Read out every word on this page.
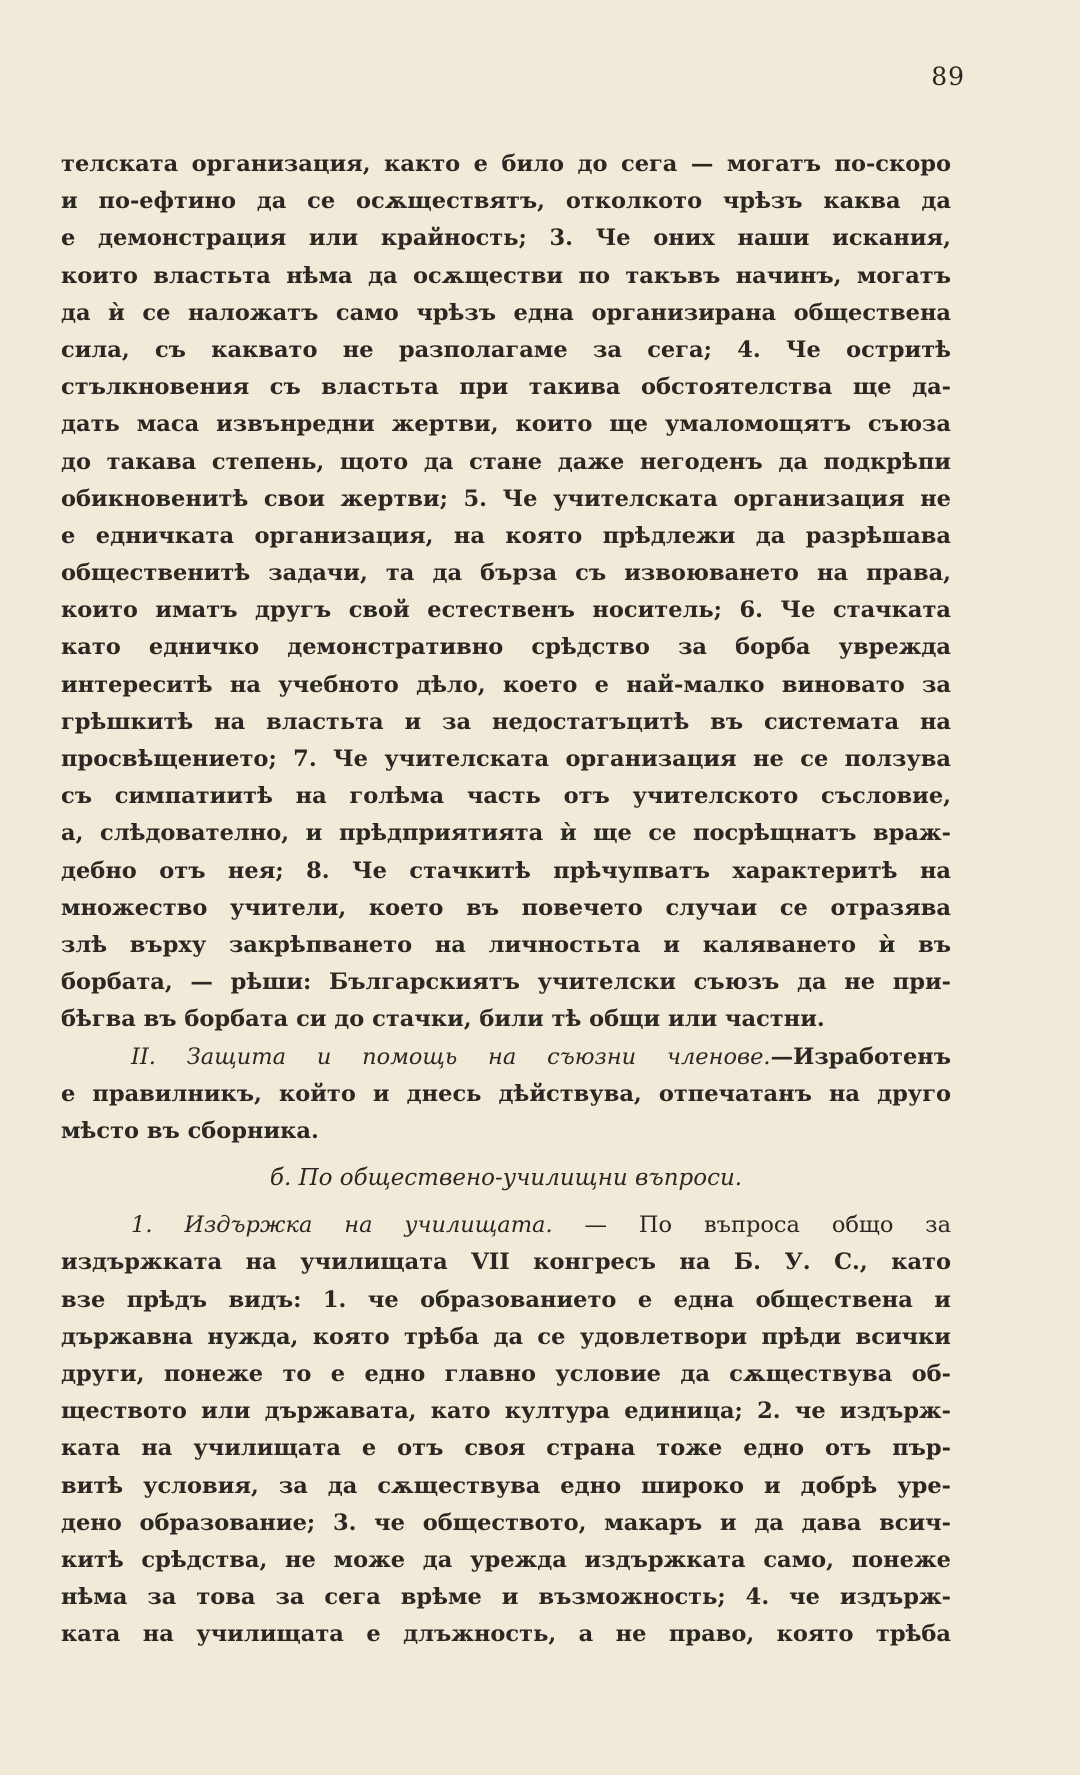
89
телската организация, както е било до сега — могатъ по-скоро
и по-ефтино да се осѫществятъ, отколкото чрѣзъ каква да
е демонстрация или крайность; 3. Че оних наши искания,
които властьта нѣма да осѫществи по такъвъ начинъ, могатъ
да ѝ се наложатъ само чрѣзъ една организирана обществена
сила, съ каквато не разполагаме за сега; 4. Че остритѣ
стълкновения съ властьта при такива обстоятелства ще да-
дать маса извънредни жертви, които ще умаломощятъ съюза
до такава степень, щото да стане даже негоденъ да подкрѣпи
обикновенитѣ свои жертви; 5. Че учителската организация не
е едничката организация, на която прѣдлежи да разрѣшава
общественитѣ задачи, та да бърза съ извоюването на права,
които иматъ другъ свой естественъ носитель; 6. Че стачката
като едничко демонстративно срѣдство за борба уврежда
интереситѣ на учебното дѣло, което е най-малко виновато за
грѣшкитѣ на властьта и за недостатъцитѣ въ системата на
просвѣщението; 7. Че учителската организация не се ползува
съ симпатиитѣ на голѣма часть отъ учителското съсловие,
а, слѣдователно, и прѣдприятията ѝ ще се посрѣщнатъ враж-
дебно отъ нея; 8. Че стачкитѣ прѣчупватъ характеритѣ на
множество учители, което въ повечето случаи се отразява
злѣ върху закрѣпването на личностьта и каляването ѝ въ
борбата, — рѣши: Българскиятъ учителски съюзъ да не при-
бѣгва въ борбата си до стачки, били тѣ общи или частни.
II. Защита и помощь на съюзни членове.—Изработенъ
е правилникъ, който и днесь дѣйствува, отпечатанъ на друго
мѣсто въ сборника.
б. По обществено-училищни въпроси.
1. Издържка на училищата. — По въпроса общо за
издържката на училищата VII конгресъ на Б. У. С., като
взе прѣдъ видъ: 1. че образованието е една обществена и
държавна нужда, която трѣба да се удовлетвори прѣди всички
други, понеже то е едно главно условие да сѫществува об-
ществото или държавата, като култура единица; 2. че издърж-
ката на училищата е отъ своя страна тоже едно отъ пър-
витѣ условия, за да сѫществува едно широко и добрѣ уре-
дено образование; 3. че обществото, макаръ и да дава всич-
китѣ срѣдства, не може да урежда издържката само, понеже
нѣма за това за сега врѣме и възможность; 4. че издърж-
ката на училищата е длъжность, а не право, която трѣба
